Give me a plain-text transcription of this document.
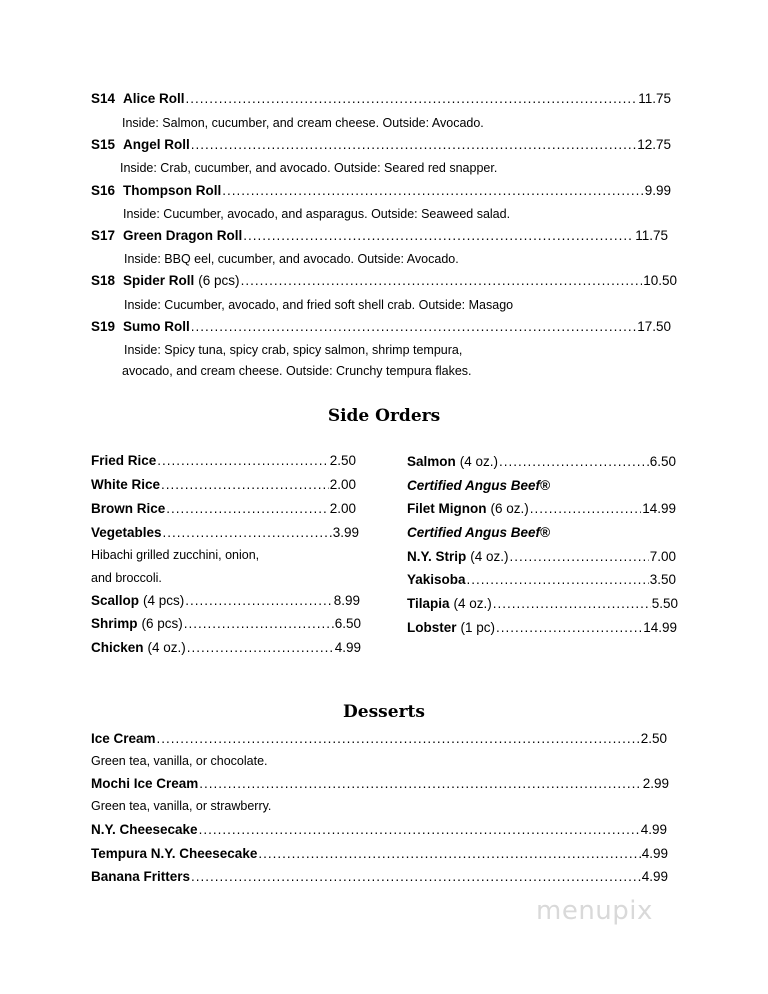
S14 Alice Roll .....	11.75
Inside: Salmon, cucumber, and cream cheese. Outside: Avocado.
S15 Angel Roll .....	12.75
Inside: Crab, cucumber, and avocado. Outside: Seared red snapper.
S16 Thompson Roll .....	9.99
Inside: Cucumber, avocado, and asparagus. Outside: Seaweed salad.
S17 Green Dragon Roll .....	11.75
Inside: BBQ eel, cucumber, and avocado. Outside: Avocado.
S18 Spider Roll (6 pcs) .....	10.50
Inside: Cucumber, avocado, and fried soft shell crab. Outside: Masago
S19 Sumo Roll .....	17.50
Inside: Spicy tuna, spicy crab, spicy salmon, shrimp tempura,
avocado, and cream cheese. Outside: Crunchy tempura flakes.
Side Orders
Fried Rice .....	2.50
White Rice .....	2.00
Brown Rice .....	2.00
Vegetables .....	3.99
Hibachi grilled zucchini, onion,
and broccoli.
Scallop (4 pcs) .....	8.99
Shrimp (6 pcs) .....	6.50
Chicken (4 oz.) .....	4.99
Salmon (4 oz.) .....	6.50
Certified Angus Beef®
Filet Mignon (6 oz.) .....	14.99
Certified Angus Beef®
N.Y. Strip (4 oz.) .....	7.00
Yakisoba .....	3.50
Tilapia (4 oz.) .....	5.50
Lobster (1 pc) .....	14.99
Desserts
Ice Cream .....	2.50
Green tea, vanilla, or chocolate.
Mochi Ice Cream .....	2.99
Green tea, vanilla, or strawberry.
N.Y. Cheesecake .....	4.99
Tempura N.Y. Cheesecake .....	4.99
Banana Fritters .....	4.99
menupix
